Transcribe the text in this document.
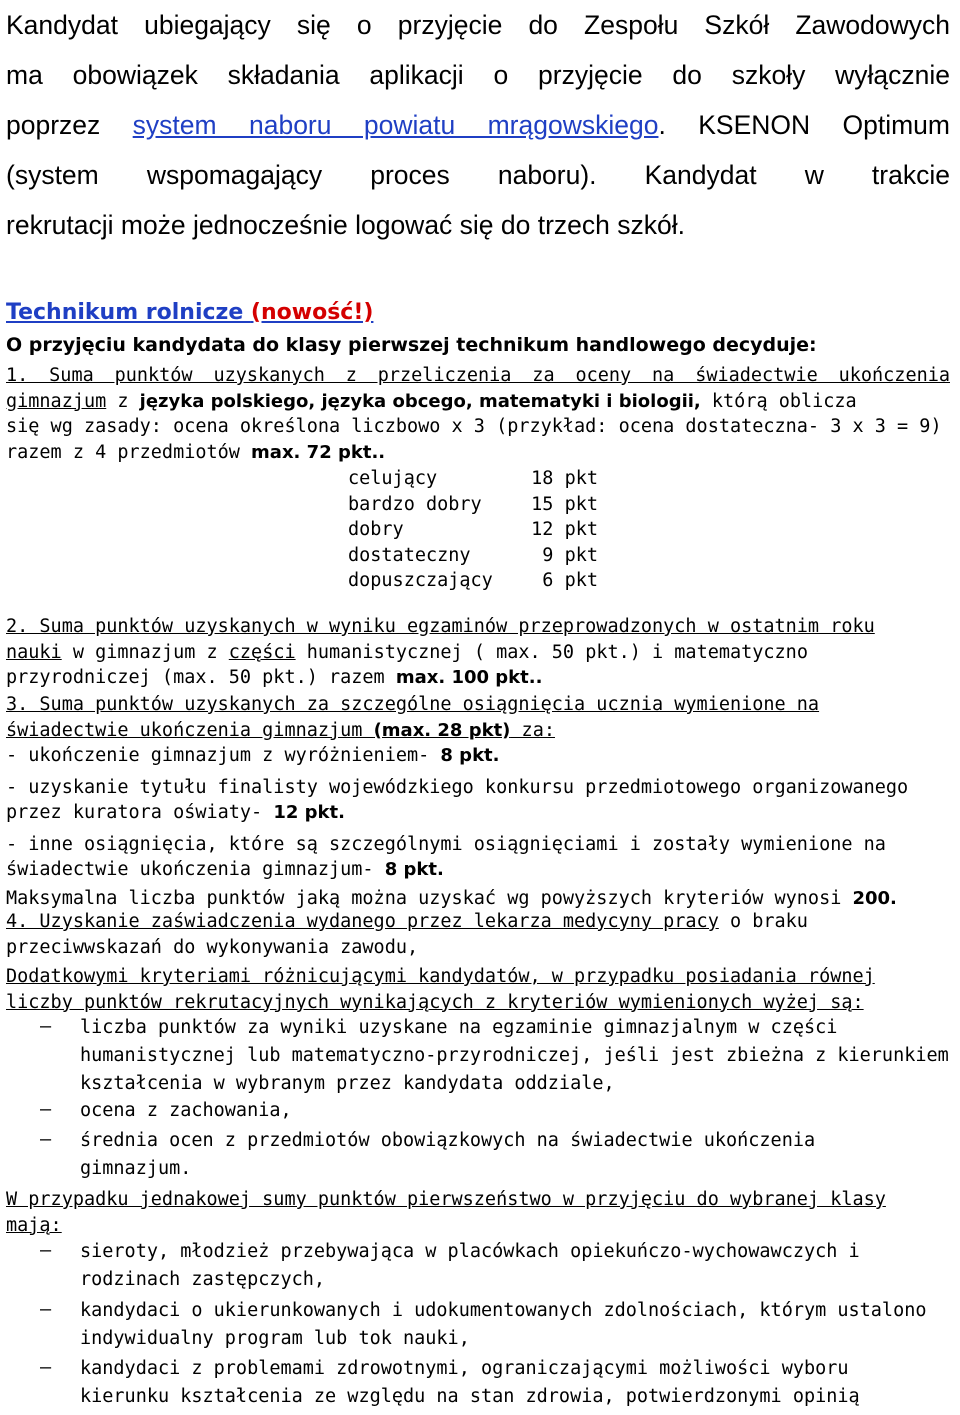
Kandydat ubiegający się o przyjęcie do Zespołu Szkół Zawodowych
ma obowiązek składania aplikacji o przyjęcie do szkoły wyłącznie
poprzez system naboru powiatu mrągowskiego. KSENON Optimum
(system wspomagający proces naboru). Kandydat w trakcie
rekrutacji może jednocześnie logować się do trzech szkół.
Technikum rolnicze (nowość!)
O przyjęciu kandydata do klasy pierwszej technikum handlowego decyduje:
1. Suma punktów uzyskanych z przeliczenia za oceny na świadectwie ukończenia
gimnazjum z języka polskiego, języka obcego, matematyki i biologii, którą oblicza
się wg zasady: ocena określona liczbowo x 3 (przykład: ocena dostateczna- 3 x 3 = 9)
razem z 4 przedmiotów max. 72 pkt..
celujący	18 pkt
bardzo dobry	15 pkt
dobry	12 pkt
dostateczny	9 pkt
dopuszczający	6 pkt
2. Suma punktów uzyskanych w wyniku egzaminów przeprowadzonych w ostatnim roku
nauki w gimnazjum z części humanistycznej ( max. 50 pkt.) i matematyczno
przyrodniczej (max. 50 pkt.) razem max. 100 pkt..
3. Suma punktów uzyskanych za szczególne osiągnięcia ucznia wymienione na
świadectwie ukończenia gimnazjum (max. 28 pkt) za:
- ukończenie gimnazjum z wyróżnieniem- 8 pkt.
- uzyskanie tytułu finalisty wojewódzkiego konkursu przedmiotowego organizowanego
przez kuratora oświaty- 12 pkt.
- inne osiągnięcia, które są szczególnymi osiągnięciami i zostały wymienione na
świadectwie ukończenia gimnazjum- 8 pkt.
Maksymalna liczba punktów jaką można uzyskać wg powyższych kryteriów wynosi 200.
4. Uzyskanie zaświadczenia wydanego przez lekarza medycyny pracy o braku
przeciwwskazań do wykonywania zawodu,
Dodatkowymi kryteriami różnicującymi kandydatów, w przypadku posiadania równej
liczby punktów rekrutacyjnych wynikających z kryteriów wymienionych wyżej są:
– liczba punktów za wyniki uzyskane na egzaminie gimnazjalnym w części
humanistycznej lub matematyczno-przyrodniczej, jeśli jest zbieżna z kierunkiem
kształcenia w wybranym przez kandydata oddziale,
– ocena z zachowania,
– średnia ocen z przedmiotów obowiązkowych na świadectwie ukończenia
gimnazjum.
W przypadku jednakowej sumy punktów pierwszeństwo w przyjęciu do wybranej klasy
mają:
– sieroty, młodzież przebywająca w placówkach opiekuńczo-wychowawczych i
rodzinach zastępczych,
– kandydaci o ukierunkowanych i udokumentowanych zdolnościach, którym ustalono
indywidualny program lub tok nauki,
– kandydaci z problemami zdrowotnymi, ograniczającymi możliwości wyboru
kierunku kształcenia ze względu na stan zdrowia, potwierdzonymi opinią
